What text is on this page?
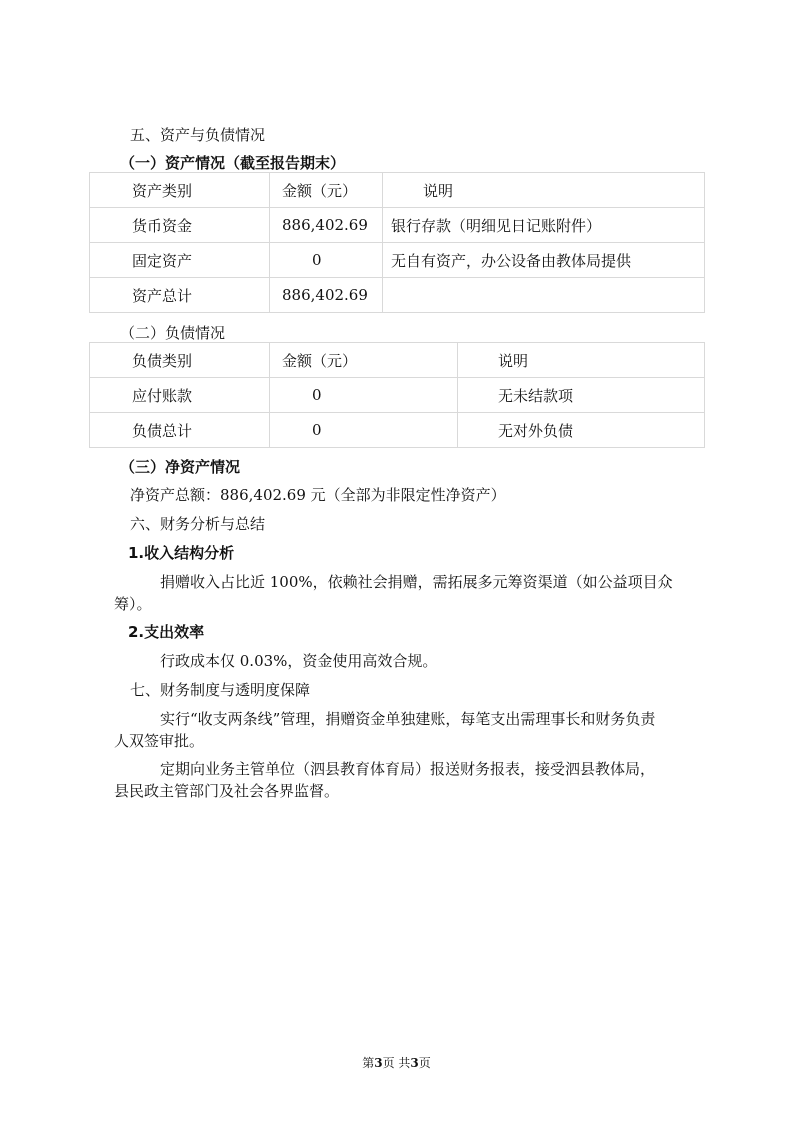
五、资产与负债情况
（一）资产情况（截至报告期末）
资产类别	金额（元）	说明
货币资金	886,402.69	银行存款（明细见日记账附件）
固定资产	0	无自有资产，办公设备由教体局提供
资产总计	886,402.69	
（二）负债情况
负债类别	金额（元）	说明
应付账款	0	无未结款项
负债总计	0	无对外负债
（三）净资产情况
净资产总额：886,402.69 元（全部为非限定性净资产）
六、财务分析与总结
1.收入结构分析
捐赠收入占比近 100%，依赖社会捐赠，需拓展多元筹资渠道（如公益项目众
筹）。
2.支出效率
行政成本仅 0.03%，资金使用高效合规。
七、财务制度与透明度保障
实行“收支两条线”管理，捐赠资金单独建账，每笔支出需理事长和财务负责
人双签审批。
定期向业务主管单位（泗县教育体育局）报送财务报表，接受泗县教体局，
县民政主管部门及社会各界监督。
第3页 共3页
